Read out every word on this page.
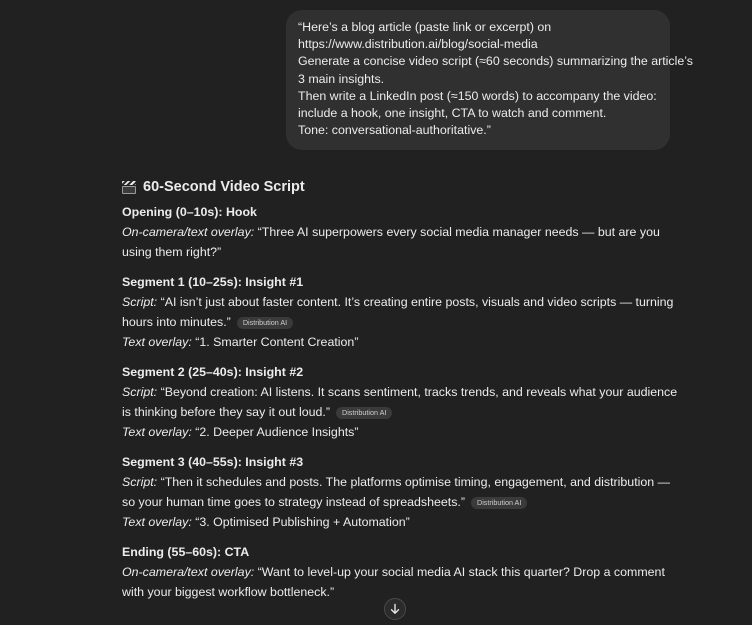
“Here’s a blog article (paste link or excerpt) on
https://www.distribution.ai/blog/social-media
Generate a concise video script (≈60 seconds) summarizing the article’s
3 main insights.
Then write a LinkedIn post (≈150 words) to accompany the video:
include a hook, one insight, CTA to watch and comment.
Tone: conversational-authoritative.”
60-Second Video Script
Opening (0–10s): Hook
On-camera/text overlay: “Three AI superpowers every social media manager needs — but are you using them right?”
Segment 1 (10–25s): Insight #1
Script: “AI isn’t just about faster content. It’s creating entire posts, visuals and video scripts — turning hours into minutes.” Distribution AI
Text overlay: “1. Smarter Content Creation”
Segment 2 (25–40s): Insight #2
Script: “Beyond creation: AI listens. It scans sentiment, tracks trends, and reveals what your audience is thinking before they say it out loud.” Distribution AI
Text overlay: “2. Deeper Audience Insights”
Segment 3 (40–55s): Insight #3
Script: “Then it schedules and posts. The platforms optimise timing, engagement, and distribution — so your human time goes to strategy instead of spreadsheets.” Distribution AI
Text overlay: “3. Optimised Publishing + Automation”
Ending (55–60s): CTA
On-camera/text overlay: “Want to level-up your social media AI stack this quarter? Drop a comment with your biggest workflow bottleneck.”
